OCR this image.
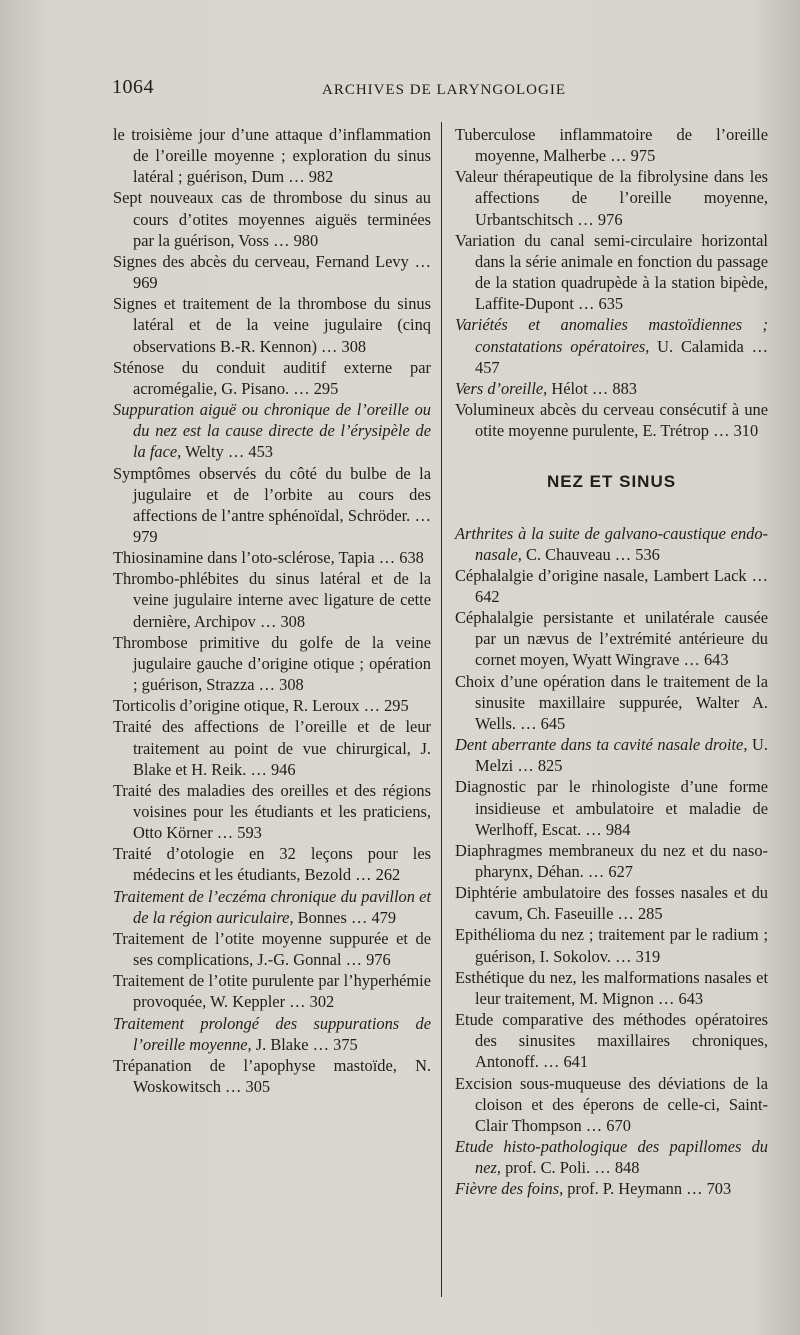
1064	ARCHIVES DE LARYNGOLOGIE

le troisième jour d’une attaque d’inflammation de l’oreille moyenne ; exploration du sinus latéral ; guérison, Dum … 982

Sept nouveaux cas de thrombose du sinus au cours d’otites moyennes aiguës terminées par la guérison, Voss … 980

Signes des abcès du cerveau, Fernand Levy … 969

Signes et traitement de la thrombose du sinus latéral et de la veine jugulaire (cinq observations B.-R. Kennon) … 308

Sténose du conduit auditif externe par acromégalie, G. Pisano. … 295

Suppuration aiguë ou chronique de l’oreille ou du nez est la cause directe de l’érysipèle de la face, Welty … 453

Symptômes observés du côté du bulbe de la jugulaire et de l’orbite au cours des affections de l’antre sphénoïdal, Schröder. … 979

Thiosinamine dans l’oto-sclérose, Tapia … 638

Thrombo-phlébites du sinus latéral et de la veine jugulaire interne avec ligature de cette dernière, Archipov … 308

Thrombose primitive du golfe de la veine jugulaire gauche d’origine otique ; opération ; guérison, Strazza … 308

Torticolis d’origine otique, R. Leroux … 295

Traité des affections de l’oreille et de leur traitement au point de vue chirurgical, J. Blake et H. Reik. … 946

Traité des maladies des oreilles et des régions voisines pour les étudiants et les praticiens, Otto Körner … 593

Traité d’otologie en 32 leçons pour les médecins et les étudiants, Bezold … 262

Traitement de l’eczéma chronique du pavillon et de la région auriculaire, Bonnes … 479

Traitement de l’otite moyenne suppurée et de ses complications, J.-G. Gonnal … 976

Traitement de l’otite purulente par l’hyperhémie provoquée, W. Keppler … 302

Traitement prolongé des suppurations de l’oreille moyenne, J. Blake … 375

Trépanation de l’apophyse mastoïde, N. Woskowitsch … 305

Tuberculose inflammatoire de l’oreille moyenne, Malherbe … 975

Valeur thérapeutique de la fibrolysine dans les affections de l’oreille moyenne, Urbantschitsch … 976

Variation du canal semi-circulaire horizontal dans la série animale en fonction du passage de la station quadrupède à la station bipède, Laffite-Dupont … 635

Variétés et anomalies mastoïdiennes ; constatations opératoires, U. Calamida … 457

Vers d’oreille, Hélot … 883

Volumineux abcès du cerveau consécutif à une otite moyenne purulente, E. Trétrop … 310

NEZ ET SINUS

Arthrites à la suite de galvano-caustique endo-nasale, C. Chauveau … 536

Céphalalgie d’origine nasale, Lambert Lack … 642

Céphalalgie persistante et unilatérale causée par un nævus de l’extrémité antérieure du cornet moyen, Wyatt Wingrave … 643

Choix d’une opération dans le traitement de la sinusite maxillaire suppurée, Walter A. Wells. … 645

Dent aberrante dans ta cavité nasale droite, U. Melzi … 825

Diagnostic par le rhinologiste d’une forme insidieuse et ambulatoire et maladie de Werlhoff, Escat. … 984

Diaphragmes membraneux du nez et du naso-pharynx, Déhan. … 627

Diphtérie ambulatoire des fosses nasales et du cavum, Ch. Faseuille … 285

Epithélioma du nez ; traitement par le radium ; guérison, I. Sokolov. … 319

Esthétique du nez, les malformations nasales et leur traitement, M. Mignon … 643

Etude comparative des méthodes opératoires des sinusites maxillaires chroniques, Antonoff. … 641

Excision sous-muqueuse des déviations de la cloison et des éperons de celle-ci, Saint-Clair Thompson … 670

Etude histo-pathologique des papillomes du nez, prof. C. Poli. … 848

Fièvre des foins, prof. P. Heymann … 703
